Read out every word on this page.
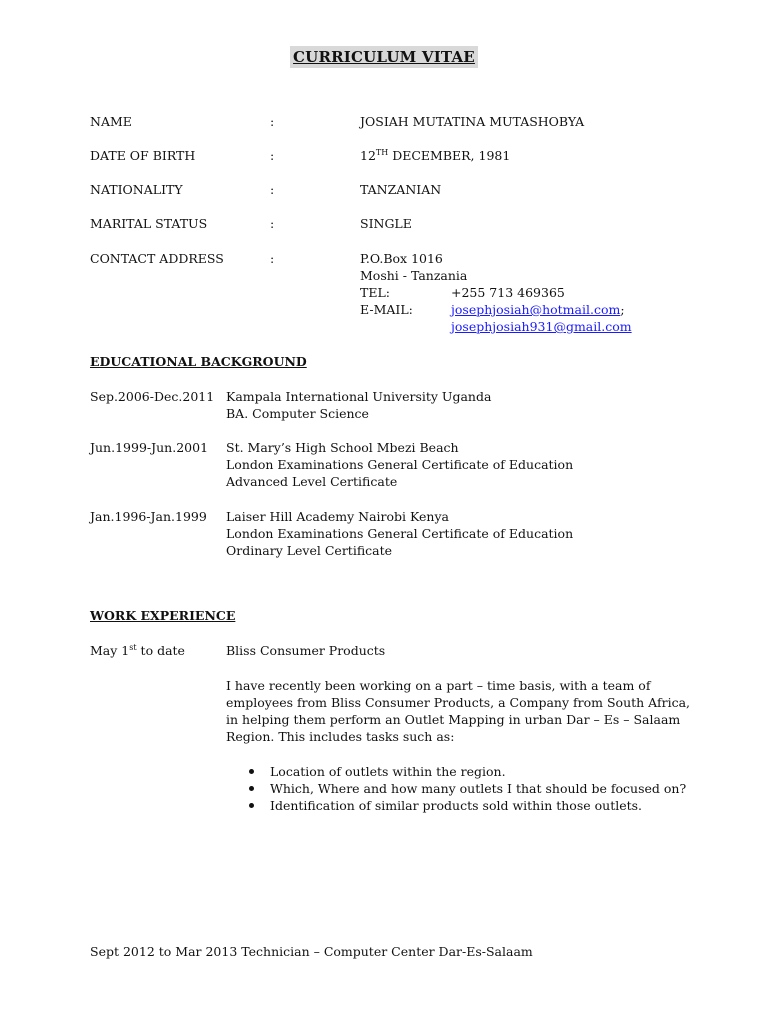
CURRICULUM VITAE
NAME	:	JOSIAH MUTATINA MUTASHOBYA
DATE OF BIRTH	:	12TH DECEMBER, 1981
NATIONALITY	:	TANZANIAN
MARITAL STATUS	:	SINGLE
CONTACT ADDRESS	:	P.O.Box 1016
Moshi - Tanzania
TEL:	+255 713 469365
E-MAIL:	josephjosiah@hotmail.com;
josephjosiah931@gmail.com
EDUCATIONAL BACKGROUND
Sep.2006-Dec.2011 Kampala International University Uganda
BA. Computer Science
Jun.1999-Jun.2001 St. Mary’s High School Mbezi Beach
London Examinations General Certificate of Education
Advanced Level Certificate
Jan.1996-Jan.1999 Laiser Hill Academy Nairobi Kenya
London Examinations General Certificate of Education
Ordinary Level Certificate
WORK EXPERIENCE
May 1st to date	Bliss Consumer Products
I have recently been working on a part – time basis, with a team of
employees from Bliss Consumer Products, a Company from South Africa,
in helping them perform an Outlet Mapping in urban Dar – Es – Salaam
Region. This includes tasks such as:
Location of outlets within the region.
Which, Where and how many outlets I that should be focused on?
Identification of similar products sold within those outlets.
Sept 2012 to Mar 2013 Technician – Computer Center Dar-Es-Salaam
